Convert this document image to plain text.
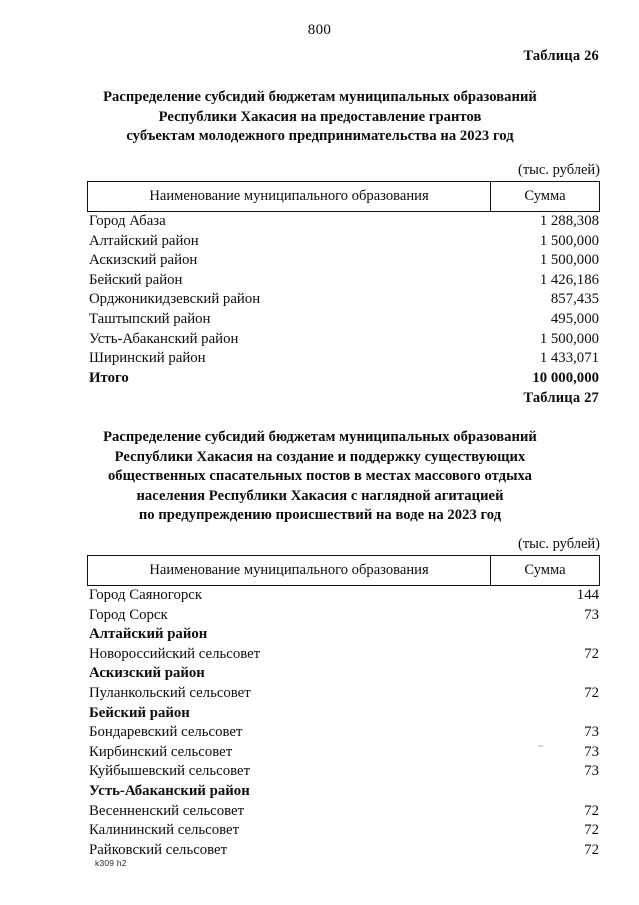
800
Таблица 26
Распределение субсидий бюджетам муниципальных образований
Республики Хакасия на предоставление грантов
субъектам молодежного предпринимательства на 2023 год
(тыс. рублей)
Наименование муниципального образования	Сумма
Город Абаза	1 288,308
Алтайский район	1 500,000
Аскизский район	1 500,000
Бейский район	1 426,186
Орджоникидзевский район	857,435
Таштыпский район	495,000
Усть-Абаканский район	1 500,000
Ширинский район	1 433,071
Итого	10 000,000
Таблица 27
Распределение субсидий бюджетам муниципальных образований
Республики Хакасия на создание и поддержку существующих
общественных спасательных постов в местах массового отдыха
населения Республики Хакасия с наглядной агитацией
по предупреждению происшествий на воде на 2023 год
(тыс. рублей)
Наименование муниципального образования	Сумма
Город Саяногорск	144
Город Сорск	73
Алтайский район
Новороссийский сельсовет	72
Аскизский район
Пуланкольский сельсовет	72
Бейский район
Бондаревский сельсовет	73
Кирбинский сельсовет	73
Куйбышевский сельсовет	73
Усть-Абаканский район
Весенненский сельсовет	72
Калининский сельсовет	72
Райковский сельсовет	72
k309 h2
